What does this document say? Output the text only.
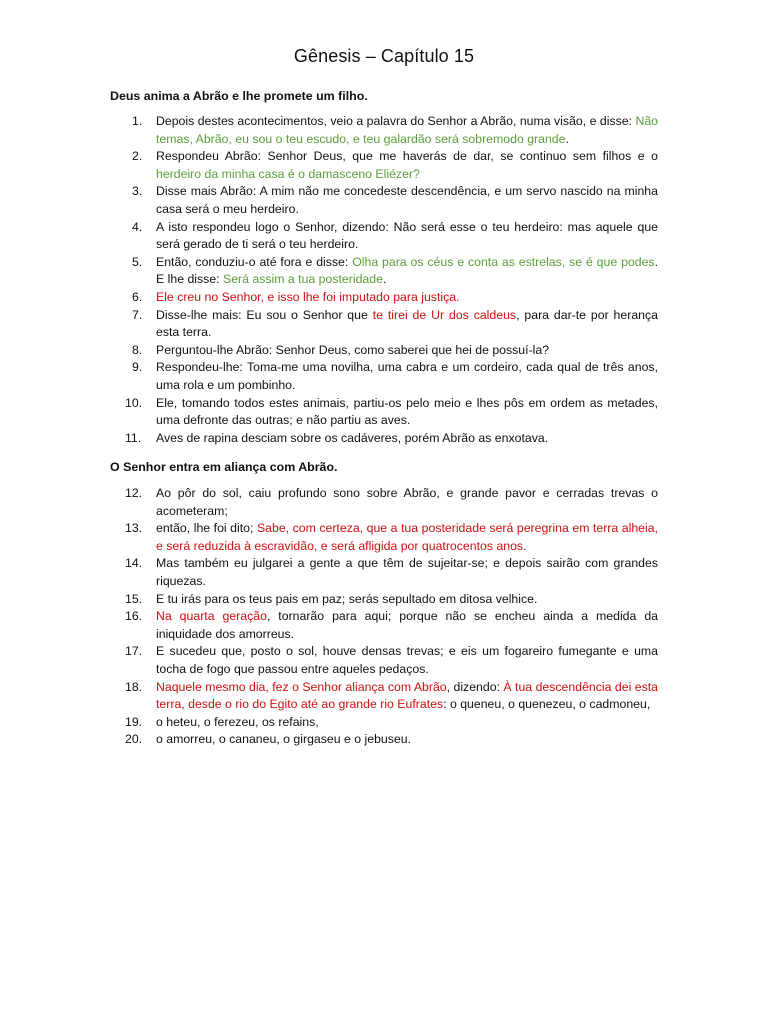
Gênesis – Capítulo 15
Deus anima a Abrão e lhe promete um filho.
1. Depois destes acontecimentos, veio a palavra do Senhor a Abrão, numa visão, e disse: Não temas, Abrão, eu sou o teu escudo, e teu galardão será sobremodo grande.
2. Respondeu Abrão: Senhor Deus, que me haverás de dar, se continuo sem filhos e o herdeiro da minha casa é o damasceno Eliézer?
3. Disse mais Abrão: A mim não me concedeste descendência, e um servo nascido na minha casa será o meu herdeiro.
4. A isto respondeu logo o Senhor, dizendo: Não será esse o teu herdeiro: mas aquele que será gerado de ti será o teu herdeiro.
5. Então, conduziu-o até fora e disse: Olha para os céus e conta as estrelas, se é que podes. E lhe disse: Será assim a tua posteridade.
6. Ele creu no Senhor, e isso lhe foi imputado para justiça.
7. Disse-lhe mais: Eu sou o Senhor que te tirei de Ur dos caldeus, para dar-te por herança esta terra.
8. Perguntou-lhe Abrão: Senhor Deus, como saberei que hei de possuí-la?
9. Respondeu-lhe: Toma-me uma novilha, uma cabra e um cordeiro, cada qual de três anos, uma rola e um pombinho.
10. Ele, tomando todos estes animais, partiu-os pelo meio e lhes pôs em ordem as metades, uma defronte das outras; e não partiu as aves.
11. Aves de rapina desciam sobre os cadáveres, porém Abrão as enxotava.
O Senhor entra em aliança com Abrão.
12. Ao pôr do sol, caiu profundo sono sobre Abrão, e grande pavor e cerradas trevas o acometeram;
13. então, lhe foi dito; Sabe, com certeza, que a tua posteridade será peregrina em terra alheia, e será reduzida à escravidão, e será afligida por quatrocentos anos.
14. Mas também eu julgarei a gente a que têm de sujeitar-se; e depois sairão com grandes riquezas.
15. E tu irás para os teus pais em paz; serás sepultado em ditosa velhice.
16. Na quarta geração, tornarão para aqui; porque não se encheu ainda a medida da iniquidade dos amorreus.
17. E sucedeu que, posto o sol, houve densas trevas; e eis um fogareiro fumegante e uma tocha de fogo que passou entre aqueles pedaços.
18. Naquele mesmo dia, fez o Senhor aliança com Abrão, dizendo: À tua descendência dei esta terra, desde o rio do Egito até ao grande rio Eufrates: o queneu, o quenezeu, o cadmoneu,
19. o heteu, o ferezeu, os refains,
20. o amorreu, o cananeu, o girgaseu e o jebuseu.
